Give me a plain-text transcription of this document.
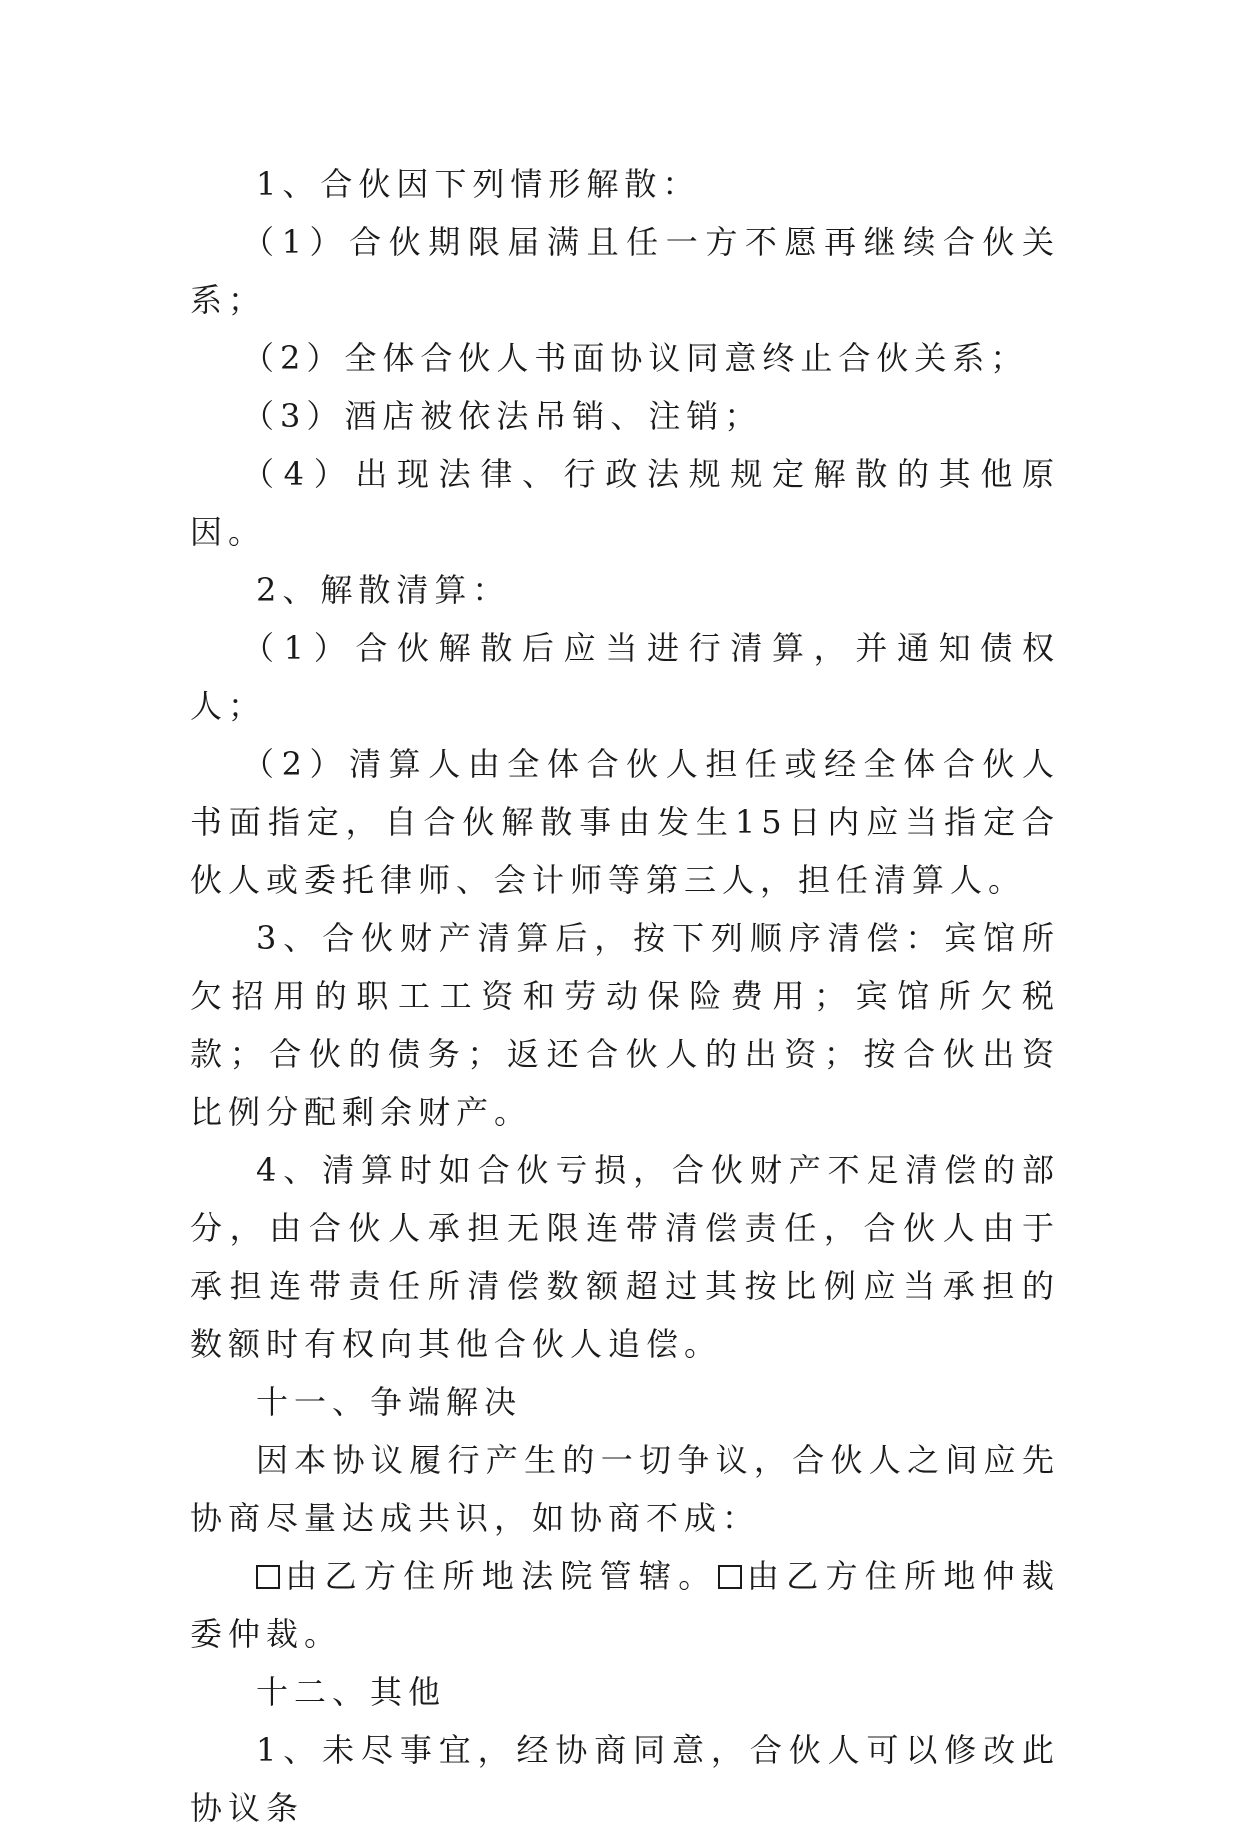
1、合伙因下列情形解散：

（1）合伙期限届满且任一方不愿再继续合伙关系；

（2）全体合伙人书面协议同意终止合伙关系；

（3）酒店被依法吊销、注销；

（4）出现法律、行政法规规定解散的其他原因。

2、解散清算：

（1）合伙解散后应当进行清算，并通知债权人；

（2）清算人由全体合伙人担任或经全体合伙人书面指定，自合伙解散事由发生15日内应当指定合伙人或委托律师、会计师等第三人，担任清算人。

3、合伙财产清算后，按下列顺序清偿：宾馆所欠招用的职工工资和劳动保险费用；宾馆所欠税款；合伙的债务；返还合伙人的出资；按合伙出资比例分配剩余财产。

4、清算时如合伙亏损，合伙财产不足清偿的部分，由合伙人承担无限连带清偿责任，合伙人由于承担连带责任所清偿数额超过其按比例应当承担的数额时有权向其他合伙人追偿。

十一、争端解决

因本协议履行产生的一切争议，合伙人之间应先协商尽量达成共识，如协商不成：

由乙方住所地法院管辖。 由乙方住所地仲裁委仲裁。

十二、其他

1、未尽事宜，经协商同意，合伙人可以修改此协议条
